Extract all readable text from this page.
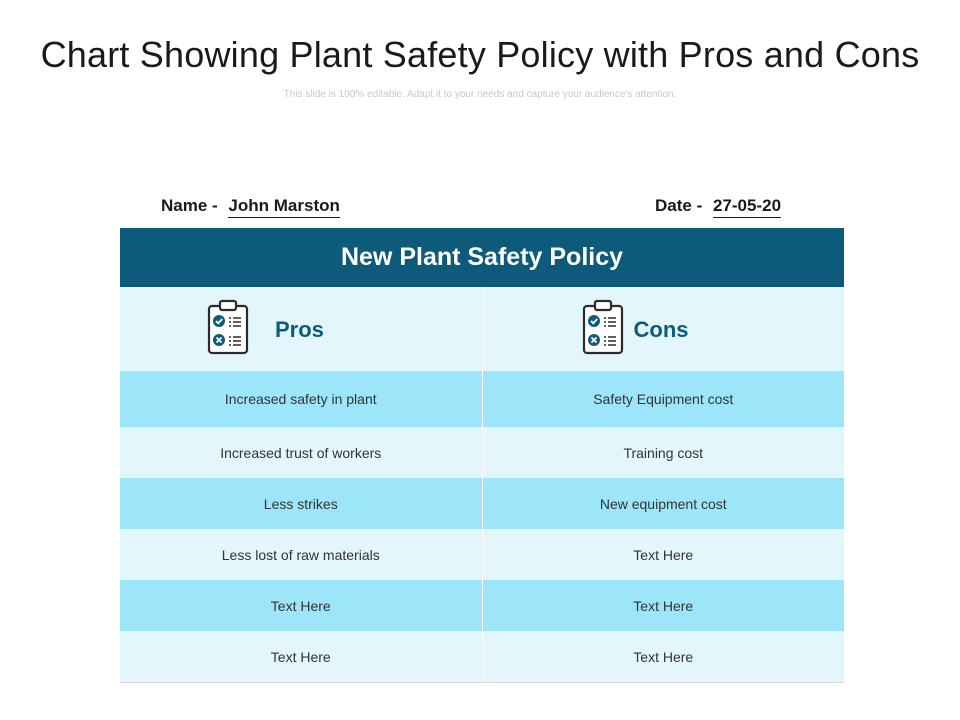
Chart Showing Plant Safety Policy with Pros and Cons
This slide is 100% editable. Adapt it to your needs and capture your audience's attention.
Name - John Marston	Date - 27-05-20
New Plant Safety Policy
Pros	Cons
Increased safety in plant	Safety Equipment cost
Increased trust of workers	Training cost
Less strikes	New equipment cost
Less lost of raw materials	Text Here
Text Here	Text Here
Text Here	Text Here
